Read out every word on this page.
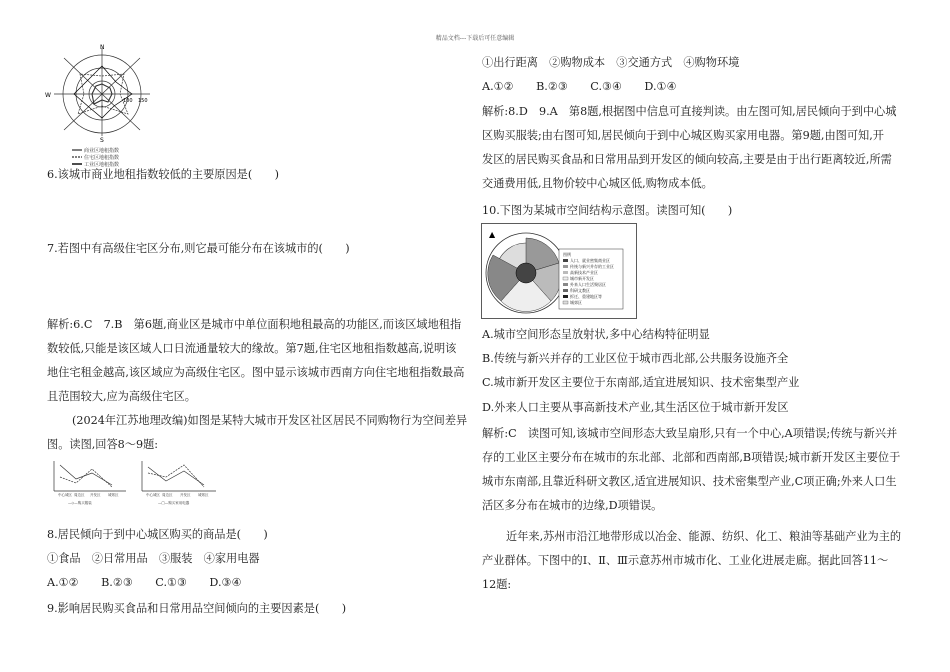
精品文档---下载后可任意编辑
N
S
W
100 150
商业区地租指数
住宅区地租指数
工业区地租指数
6.该城市商业地租指数较低的主要原因是(　　)
7.若图中有高级住宅区分布,则它最可能分布在该城市的(　　)
解析:6.C　7.B　第6题,商业区是城市中单位面积地租最高的功能区,而该区域地租指
数较低,只能是该区域人口日流通量较大的缘故。第7题,住宅区地租指数越高,说明该
地住宅租金越高,该区域应为高级住宅区。图中显示该城市西南方向住宅地租指数最高
且范围较大,应为高级住宅区。
(2024年江苏地理改编)如图是某特大城市开发区社区居民不同购物行为空间差异
图。读图,回答8～9题:
中心城区 周边区 开发区 城郊区
—◇—购买服装
中心城区 周边区 开发区 城郊区
—□—购买家用电器
8.居民倾向于到中心城区购买的商品是(　　)
①食品　②日常用品　③服装　④家用电器
A.①②　　B.②③　　C.①③　　D.③④
9.影响居民购买食品和日常用品空间倾向的主要因素是(　　)
①出行距离　②购物成本　③交通方式　④购物环境
A.①②　　B.②③　　C.③④　　D.①④
解析:8.D　9.A　第8题,根据图中信息可直接判读。由左图可知,居民倾向于到中心城
区购买服装;由右图可知,居民倾向于到中心城区购买家用电器。第9题,由图可知,开
发区的居民购买食品和日常用品到开发区的倾向较高,主要是由于出行距离较近,所需
交通费用低,且物价较中心城区低,购物成本低。
10.下图为某城市空间结构示意图。读图可知(　　)
▲
图例
人口、就业密集商业区
传统与新兴并存的工业区
高新技术产业区
城市新开发区
外来人口生活聚居区
科研文教区
拆迁、重建地区等
城郊区
A.城市空间形态呈放射状,多中心结构特征明显
B.传统与新兴并存的工业区位于城市西北部,公共服务设施齐全
C.城市新开发区主要位于东南部,适宜进展知识、技术密集型产业
D.外来人口主要从事高新技术产业,其生活区位于城市新开发区
解析:C　读图可知,该城市空间形态大致呈扇形,只有一个中心,A项错误;传统与新兴并
存的工业区主要分布在城市的东北部、北部和西南部,B项错误;城市新开发区主要位于
城市东南部,且靠近科研文教区,适宜进展知识、技术密集型产业,C项正确;外来人口生
活区多分布在城市的边缘,D项错误。
近年来,苏州市沿江地带形成以冶金、能源、纺织、化工、粮油等基础产业为主的
产业群体。下图中的Ⅰ、Ⅱ、Ⅲ示意苏州市城市化、工业化进展走廊。据此回答11～
12题:
